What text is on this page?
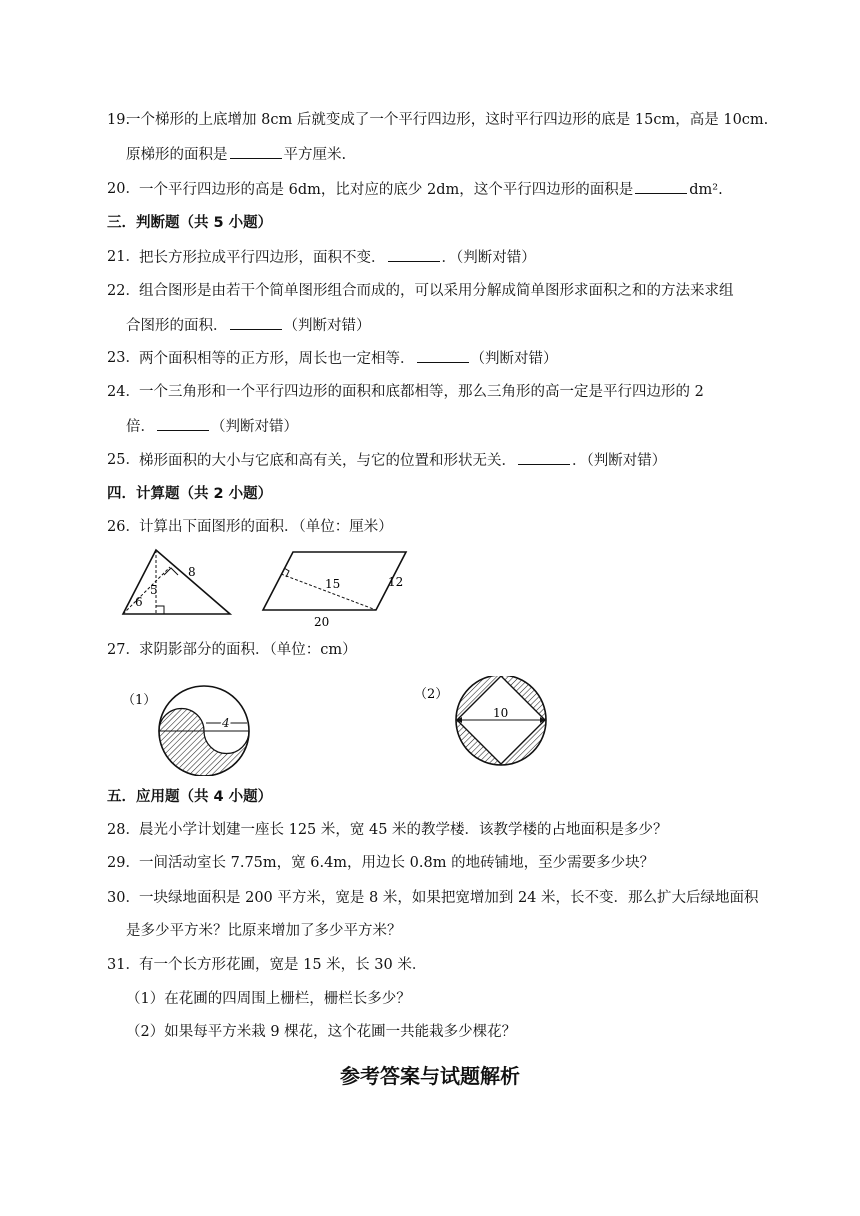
19.
一个梯形的上底增加 8cm 后就变成了一个平行四边形，这时平行四边形的底是 15cm，高是 10cm.
原梯形的面积是	平方厘米.
20． 一个平行四边形的高是 6dm，比对应的底少 2dm，这个平行四边形的面积是	dm².
三．判断题（共 5 小题）
21． 把长方形拉成平行四边形，面积不变．	．（判断对错）
22． 组合图形是由若干个简单图形组合而成的，可以采用分解成简单图形求面积之和的方法来求组
合图形的面积．	（判断对错）
23． 两个面积相等的正方形，周长也一定相等．	（判断对错）
24． 一个三角形和一个平行四边形的面积和底都相等，那么三角形的高一定是平行四边形的 2
倍．	（判断对错）
25． 梯形面积的大小与它底和高有关，与它的位置和形状无关．	．（判断对错）
四．计算题（共 2 小题）
26． 计算出下面图形的面积．（单位：厘米）
8
5
6
15	12
20
27． 求阴影部分的面积．（单位：cm）
（1）
4
（2）
10
五．应用题（共 4 小题）
28． 晨光小学计划建一座长 125 米，宽 45 米的教学楼．该教学楼的占地面积是多少？
29． 一间活动室长 7.75m，宽 6.4m，用边长 0.8m 的地砖铺地，至少需要多少块？
30． 一块绿地面积是 200 平方米，宽是 8 米，如果把宽增加到 24 米，长不变．那么扩大后绿地面积
是多少平方米？比原来增加了多少平方米？
31． 有一个长方形花圃，宽是 15 米，长 30 米．
（1）在花圃的四周围上栅栏，栅栏长多少？
（2）如果每平方米栽 9 棵花，这个花圃一共能栽多少棵花？
参考答案与试题解析
